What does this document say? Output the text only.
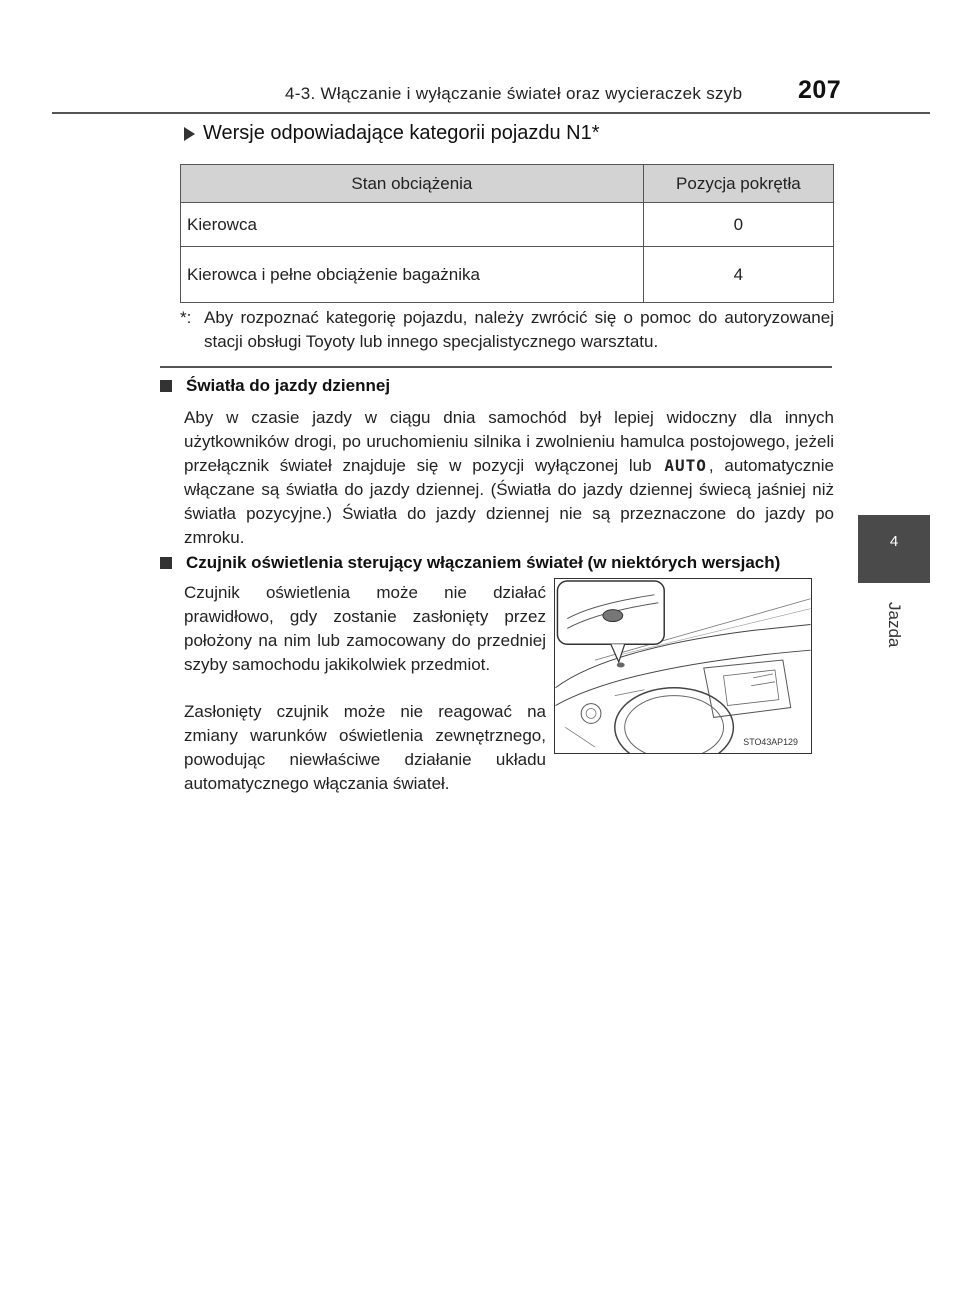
4-3. Włączanie i wyłączanie świateł oraz wycieraczek szyb 207
4
Jazda
Wersje odpowiadające kategorii pojazdu N1*
Stan obciążenia	Pozycja pokrętła
Kierowca	0
Kierowca i pełne obciążenie bagażnika	4
*: Aby rozpoznać kategorię pojazdu, należy zwrócić się o pomoc do autoryzowanej stacji obsługi Toyoty lub innego specjalistycznego warsztatu.
Światła do jazdy dziennej

Aby w czasie jazdy w ciągu dnia samochód był lepiej widoczny dla innych użytkowników drogi, po uruchomieniu silnika i zwolnieniu hamulca postojowego, jeżeli przełącznik świateł znajduje się w pozycji wyłączonej lub AUTO , automatycznie włączane są światła do jazdy dziennej. (Światła do jazdy dziennej świecą jaśniej niż światła pozycyjne.) Światła do jazdy dziennej nie są przeznaczone do jazdy po zmroku.

Czujnik oświetlenia sterujący włączaniem świateł (w niektórych wersjach)

Czujnik oświetlenia może nie działać prawidłowo, gdy zostanie zasłonięty przez położony na nim lub zamocowany do przedniej szyby samochodu jakikolwiek przedmiot.

Zasłonięty czujnik może nie reagować na zmiany warunków oświetlenia zewnętrznego, powodując niewłaściwe działanie układu automatycznego włączania świateł.

STO43AP129
